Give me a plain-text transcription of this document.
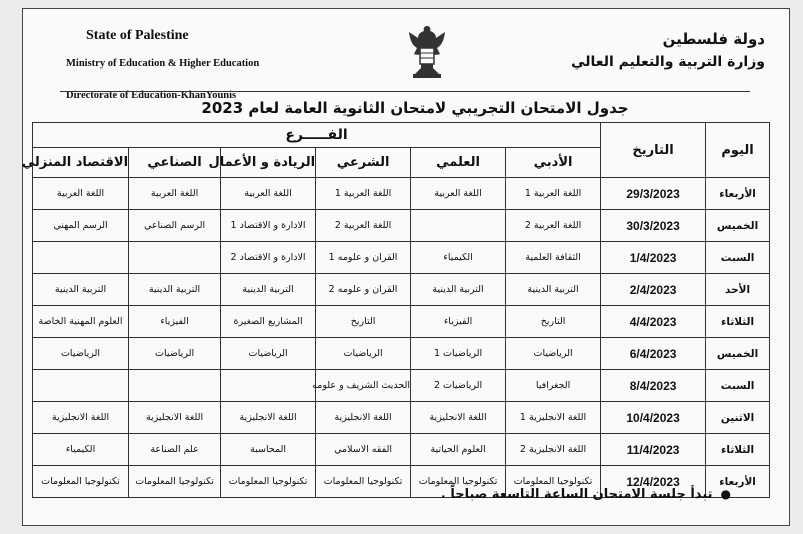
State of Palestine
Ministry of Education & Higher Education
Directorate of Education-KhanYounis
دولة فلسطين
وزارة التربية والتعليم العالي
جدول الامتحان التجريبي لامتحان الثانوية العامة لعام 2023
اليوم	التاريخ	الفـــــرع					
		الأدبي	العلمي	الشرعي	الريادة و الأعمال	الصناعي	الاقتصاد المنزلي
الأربعاء	29/3/2023	اللغة العربية 1	اللغة العربية	اللغة العربية 1	اللغة العربية	اللغة العربية	اللغة العربية
الخميس	30/3/2023	اللغة العربية 2		اللغة العربية 2	الادارة و الاقتصاد 1	الرسم الصناعي	الرسم المهني
السبت	1/4/2023	الثقافة العلمية	الكيمياء	القران و علومه 1	الادارة و الاقتصاد 2		
الأحد	2/4/2023	التربية الدينية	التربية الدينية	القران و علومه 2	التربية الدينية	التربية الدينية	التربية الدينية
الثلاثاء	4/4/2023	التاريخ	الفيزياء	التاريخ	المشاريع الصغيرة	الفيزياء	العلوم المهنية الخاصة
الخميس	6/4/2023	الرياضيات	الرياضيات 1	الرياضيات	الرياضيات	الرياضيات	الرياضيات
السبت	8/4/2023	الجغرافيا	الرياضيات 2	الحديث الشريف و علومه			
الاثنين	10/4/2023	اللغة الانجليزية 1	اللغة الانجليزية	اللغة الانجليزية	اللغة الانجليزية	اللغة الانجليزية	اللغة الانجليزية
الثلاثاء	11/4/2023	اللغة الانجليزية 2	العلوم الحياتية	الفقه الاسلامي	المحاسبة	علم الصناعة	الكيمياء
الأربعاء	12/4/2023	تكنولوجيا المعلومات	تكنولوجيا المعلومات	تكنولوجيا المعلومات	تكنولوجيا المعلومات	تكنولوجيا المعلومات	تكنولوجيا المعلومات
●تبدأ جلسة الامتحان الساعة التاسعة صباحاً .
